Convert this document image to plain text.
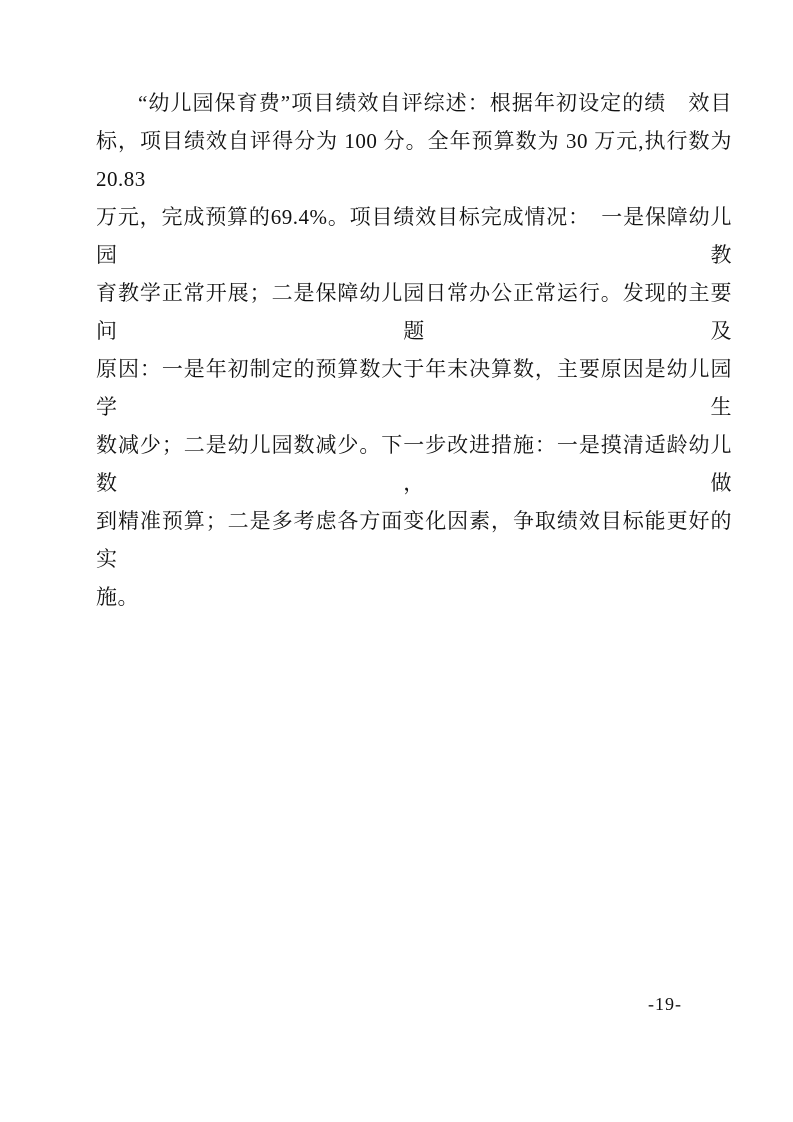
“幼儿园保育费”项目绩效自评综述：根据年初设定的绩　效目
标，项目绩效自评得分为 100 分。全年预算数为 30 万元,执行数为 20.83
万元，完成预算的69.4%。项目绩效目标完成情况：　一是保障幼儿园教
育教学正常开展；二是保障幼儿园日常办公正常运行。发现的主要问题及
原因：一是年初制定的预算数大于年末决算数，主要原因是幼儿园学生
数减少；二是幼儿园数减少。下一步改进措施：一是摸清适龄幼儿数，做
到精准预算；二是多考虑各方面变化因素，争取绩效目标能更好的实
施。
-19-
